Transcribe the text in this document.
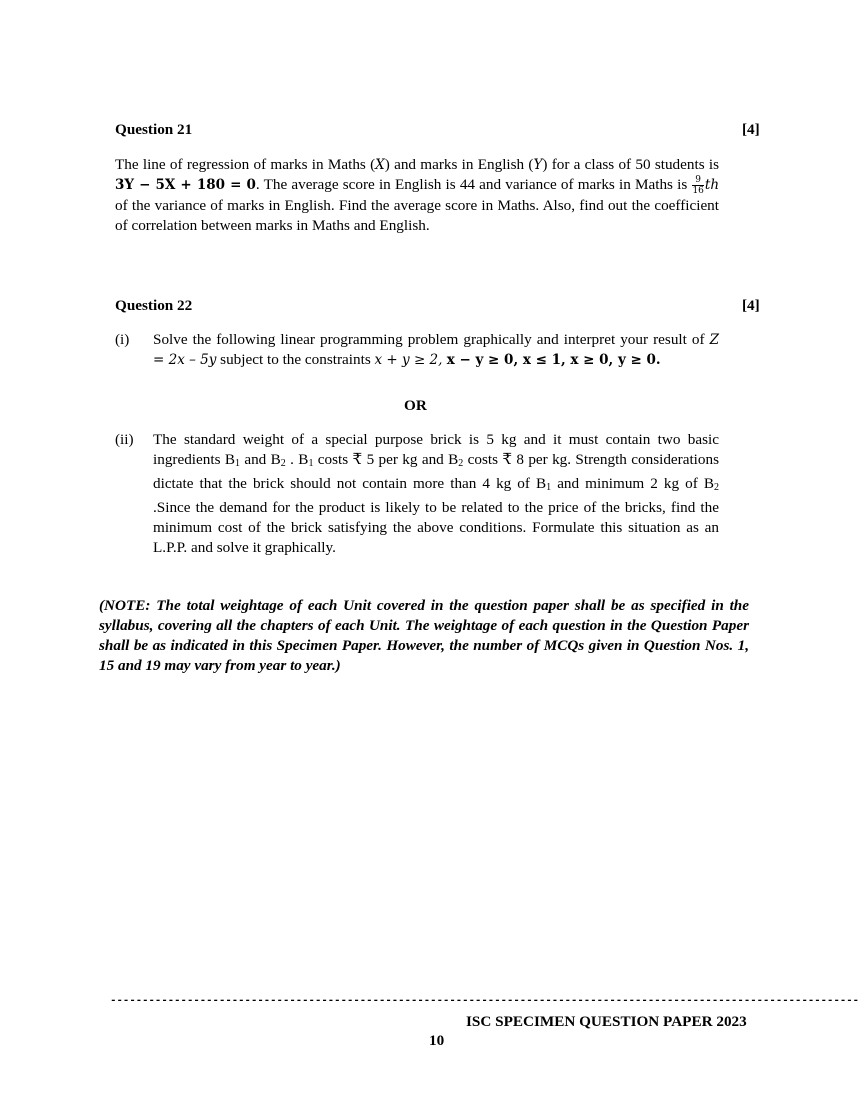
Question 21	[4]
The line of regression of marks in Maths (X) and marks in English (Y) for a class of 50 students is 3Y − 5X + 180 = 0. The average score in English is 44 and variance of marks in Maths is $\frac{9}{16}$ th of the variance of marks in English. Find the average score in Maths. Also, find out the coefficient of correlation between marks in Maths and English.
Question 22	[4]
(i) Solve the following linear programming problem graphically and interpret your result of Z = 2x – 5y subject to the constraints x + y ≥ 2, x − y ≥ 0, x ≤ 1, x ≥ 0, y ≥ 0.
OR
(ii) The standard weight of a special purpose brick is 5 kg and it must contain two basic ingredients $B_1$ and $B_2$ . $B_1$ costs ₹ 5 per kg and $B_2$ costs ₹ 8 per kg. Strength considerations dictate that the brick should not contain more than 4 kg of $B_1$ and minimum 2 kg of $B_2$ .Since the demand for the product is likely to be related to the price of the bricks, find the minimum cost of the brick satisfying the above conditions. Formulate this situation as an L.P.P. and solve it graphically.
(NOTE: The total weightage of each Unit covered in the question paper shall be as specified in the syllabus, covering all the chapters of each Unit. The weightage of each question in the Question Paper shall be as indicated in this Specimen Paper. However, the number of MCQs given in Question Nos. 1, 15 and 19 may vary from year to year.)
---------------------------------------------------------------------------------------------------------------------
ISC SPECIMEN QUESTION PAPER 2023
10
